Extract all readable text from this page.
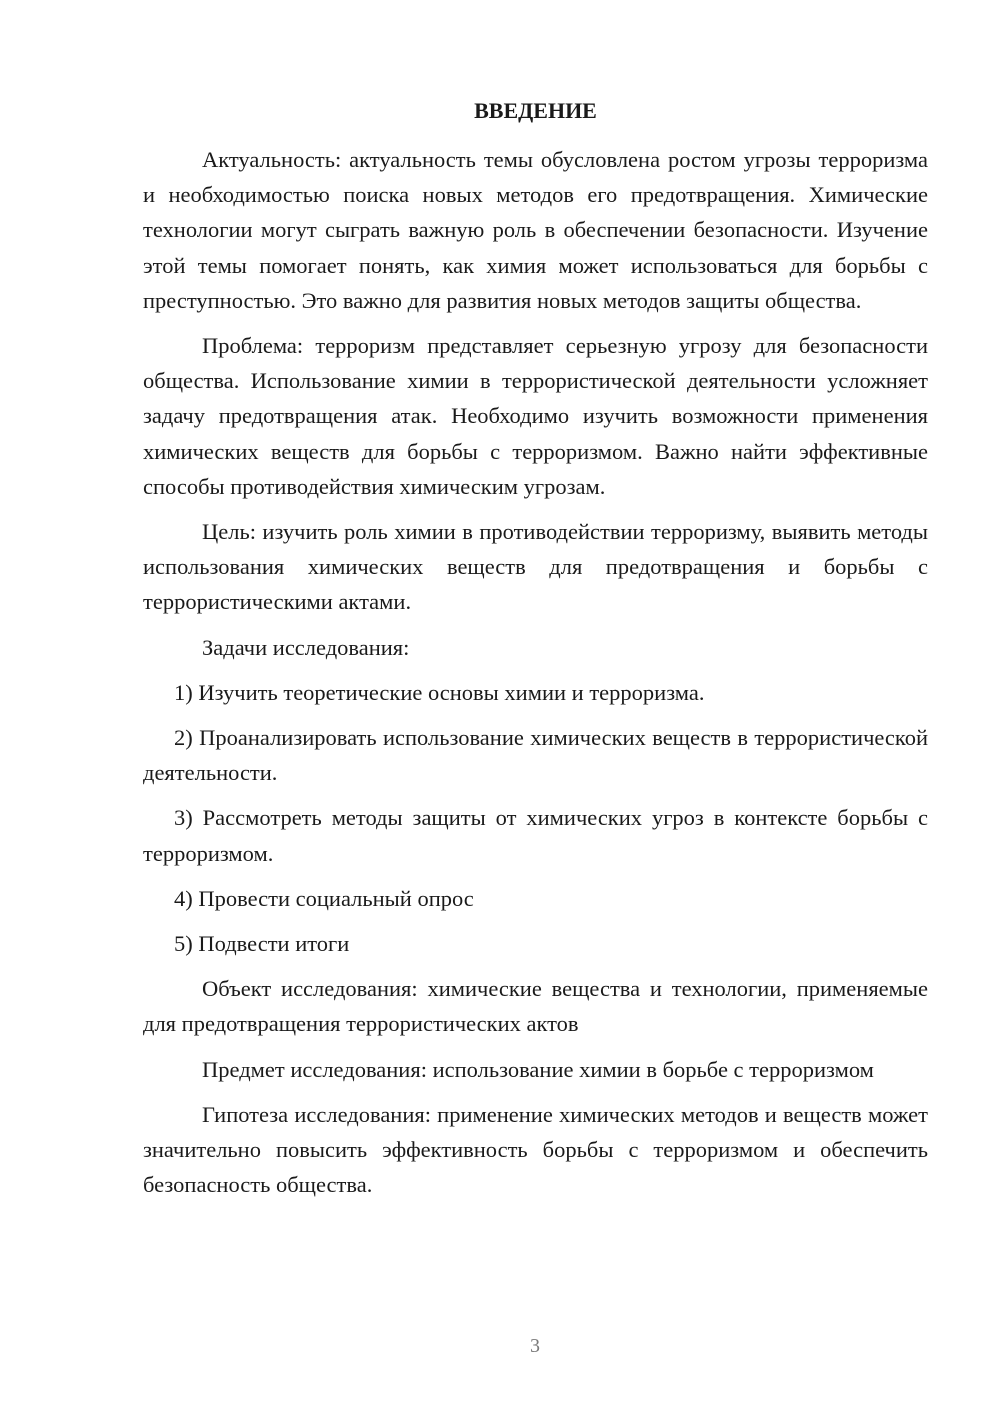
ВВЕДЕНИЕ

Актуальность: актуальность темы обусловлена ростом угрозы терроризма и необходимостью поиска новых методов его предотвращения. Химические технологии могут сыграть важную роль в обеспечении безопасности. Изучение этой темы помогает понять, как химия может использоваться для борьбы с преступностью. Это важно для развития новых методов защиты общества.

Проблема: терроризм представляет серьезную угрозу для безопасности общества. Использование химии в террористической деятельности усложняет задачу предотвращения атак. Необходимо изучить возможности применения химических веществ для борьбы с терроризмом. Важно найти эффективные способы противодействия химическим угрозам.

Цель: изучить роль химии в противодействии терроризму, выявить методы использования химических веществ для предотвращения и борьбы с террористическими актами.

Задачи исследования:

1) Изучить теоретические основы химии и терроризма.

2) Проанализировать использование химических веществ в террористической деятельности.

3) Рассмотреть методы защиты от химических угроз в контексте борьбы с терроризмом.

4) Провести социальный опрос

5) Подвести итоги

Объект исследования: химические вещества и технологии, применяемые для предотвращения террористических актов

Предмет исследования: использование химии в борьбе с терроризмом

Гипотеза исследования: применение химических методов и веществ может значительно повысить эффективность борьбы с терроризмом и обеспечить безопасность общества.

3
